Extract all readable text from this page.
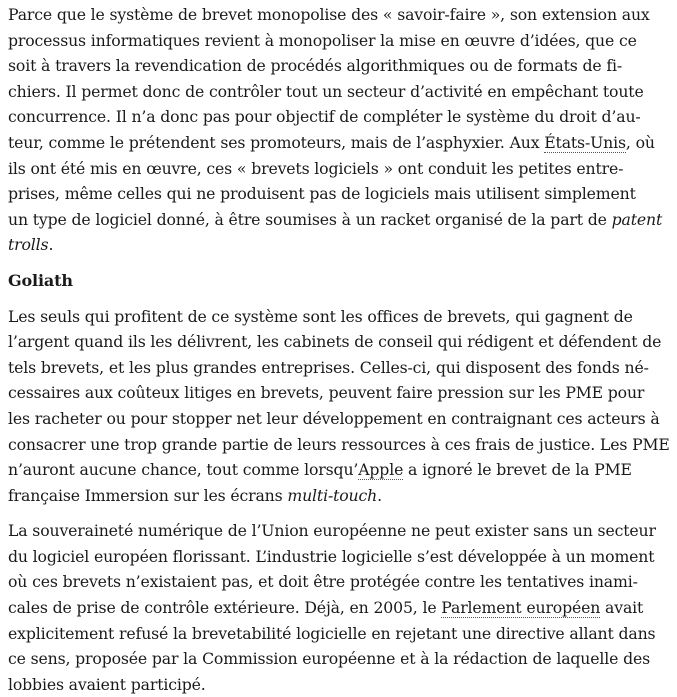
Parce que le système de brevet monopolise des « savoir-faire », son extension aux
processus informatiques revient à monopoliser la mise en œuvre d’idées, que ce
soit à travers la revendication de procédés algorithmiques ou de formats de fi-
chiers. Il permet donc de contrôler tout un secteur d’activité en empêchant toute
concurrence. Il n’a donc pas pour objectif de compléter le système du droit d’au-
teur, comme le prétendent ses promoteurs, mais de l’asphyxier. Aux États-Unis, où
ils ont été mis en œuvre, ces « brevets logiciels » ont conduit les petites entre-
prises, même celles qui ne produisent pas de logiciels mais utilisent simplement
un type de logiciel donné, à être soumises à un racket organisé de la part de patent
trolls.
Goliath
Les seuls qui profitent de ce système sont les offices de brevets, qui gagnent de
l’argent quand ils les délivrent, les cabinets de conseil qui rédigent et défendent de
tels brevets, et les plus grandes entreprises. Celles-ci, qui disposent des fonds né-
cessaires aux coûteux litiges en brevets, peuvent faire pression sur les PME pour
les racheter ou pour stopper net leur développement en contraignant ces acteurs à
consacrer une trop grande partie de leurs ressources à ces frais de justice. Les PME
n’auront aucune chance, tout comme lorsqu’Apple a ignoré le brevet de la PME
française Immersion sur les écrans multi-touch.
La souveraineté numérique de l’Union européenne ne peut exister sans un secteur
du logiciel européen florissant. L’industrie logicielle s’est développée à un moment
où ces brevets n’existaient pas, et doit être protégée contre les tentatives inami-
cales de prise de contrôle extérieure. Déjà, en 2005, le Parlement européen avait
explicitement refusé la brevetabilité logicielle en rejetant une directive allant dans
ce sens, proposée par la Commission européenne et à la rédaction de laquelle des
lobbies avaient participé.
